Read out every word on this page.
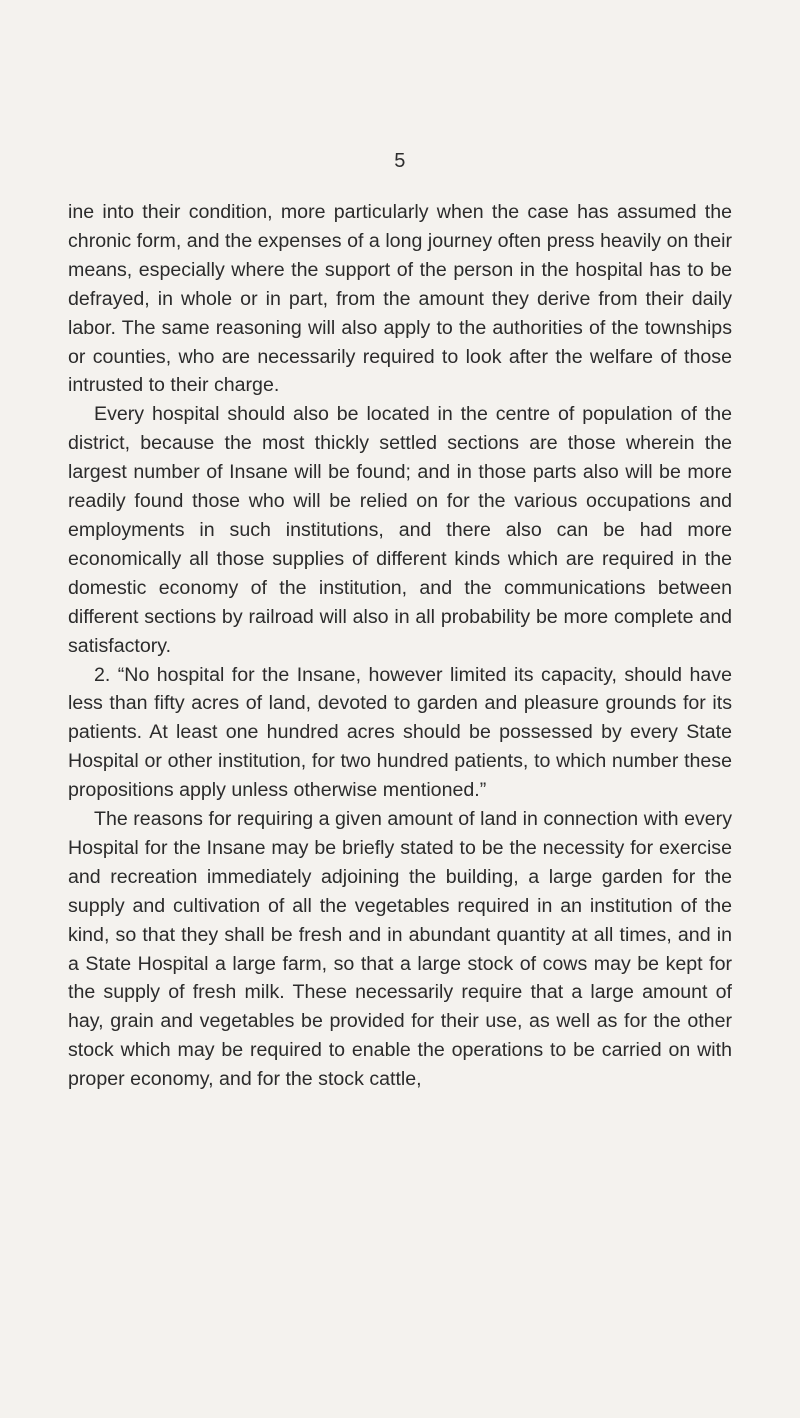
5

ine into their condition, more particularly when the case has assumed the chronic form, and the expenses of a long journey often press heavily on their means, especially where the support of the person in the hospital has to be defrayed, in whole or in part, from the amount they derive from their daily labor. The same reasoning will also apply to the authorities of the townships or counties, who are necessarily required to look after the welfare of those intrusted to their charge.

Every hospital should also be located in the centre of population of the district, because the most thickly settled sections are those wherein the largest number of Insane will be found; and in those parts also will be more readily found those who will be relied on for the various occupations and employments in such institutions, and there also can be had more economically all those supplies of different kinds which are required in the domestic economy of the institution, and the communications between different sections by railroad will also in all probability be more complete and satisfactory.

2. “No hospital for the Insane, however limited its capacity, should have less than fifty acres of land, devoted to garden and pleasure grounds for its patients. At least one hundred acres should be possessed by every State Hospital or other institution, for two hundred patients, to which number these propositions apply unless otherwise mentioned.”

The reasons for requiring a given amount of land in connection with every Hospital for the Insane may be briefly stated to be the necessity for exercise and recreation immediately adjoining the building, a large garden for the supply and cultivation of all the vegetables required in an institution of the kind, so that they shall be fresh and in abundant quantity at all times, and in a State Hospital a large farm, so that a large stock of cows may be kept for the supply of fresh milk. These necessarily require that a large amount of hay, grain and vegetables be provided for their use, as well as for the other stock which may be required to enable the operations to be carried on with proper economy, and for the stock cattle,
